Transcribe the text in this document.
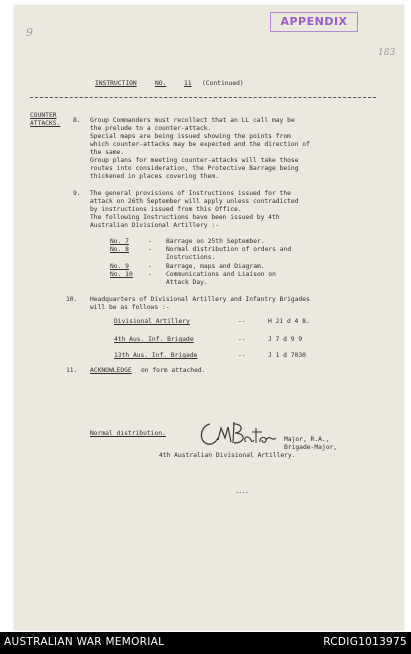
APPENDIX
9
183
INSTRUCTION	NO.	11 (Continued)
COUNTER
ATTACKS. 8. Group Commanders must recollect that an LL call may be
the prelude to a counter-attack.
Special maps are being issued showing the points from
which counter-attacks may be expected and the direction of
the same.
Group plans for meeting counter-attacks will take those
routes into consideration, the Protective Barrage being
thickened in places covering them.
9. The general provisions of Instructions issued for the
attack on 26th September will apply unless contradicted
by instructions issued from this Office.
The following Instructions have been issued by 4th
Australian Divisional Artillery :-
No. 7	- Barrage on 25th September.
No. 8	- Normal distribution of orders and
Instructions.
No. 9	- Barrage, maps and Diagram.
No. 10 - Communications and Liaison on
Attack Day.
10. Headquarters of Divisional Artillery and Infantry Brigades
will be as follows :-
Divisional Artillery	--	H 21 d 4 8.
4th Aus. Inf. Brigade	--	J 7 d 9 9
13th Aus. Inf. Brigade	--	J 1 d 7030
11. ACKNOWLEDGE on form attached.
Normal distribution.
Major, R.A.,
Brigade-Major,
4th Australian Divisional Artillery.
----
AUSTRALIAN WAR MEMORIAL	RCDIG1013975
